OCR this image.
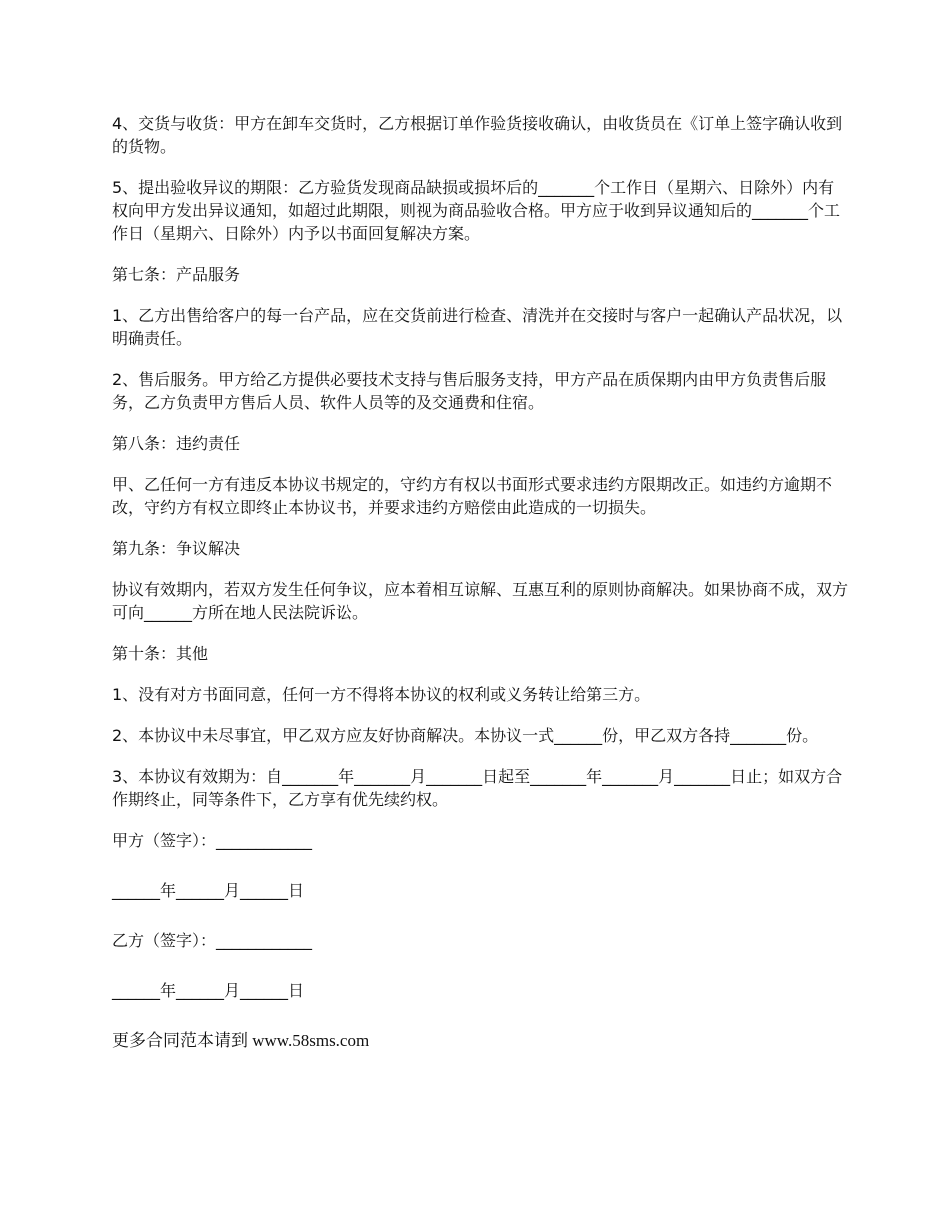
4、交货与收货：甲方在卸车交货时，乙方根据订单作验货接收确认，由收货员在《订单上签字确认收到的货物。

5、提出验收异议的期限：乙方验货发现商品缺损或损坏后的_______个工作日（星期六、日除外）内有权向甲方发出异议通知，如超过此期限，则视为商品验收合格。甲方应于收到异议通知后的_______个工作日（星期六、日除外）内予以书面回复解决方案。

第七条：产品服务

1、乙方出售给客户的每一台产品，应在交货前进行检查、清洗并在交接时与客户一起确认产品状况，以明确责任。

2、售后服务。甲方给乙方提供必要技术支持与售后服务支持，甲方产品在质保期内由甲方负责售后服务，乙方负责甲方售后人员、软件人员等的及交通费和住宿。

第八条：违约责任

甲、乙任何一方有违反本协议书规定的，守约方有权以书面形式要求违约方限期改正。如违约方逾期不改，守约方有权立即终止本协议书，并要求违约方赔偿由此造成的一切损失。

第九条：争议解决

协议有效期内，若双方发生任何争议，应本着相互谅解、互惠互利的原则协商解决。如果协商不成，双方可向______方所在地人民法院诉讼。

第十条：其他

1、没有对方书面同意，任何一方不得将本协议的权利或义务转让给第三方。

2、本协议中未尽事宜，甲乙双方应友好协商解决。本协议一式______份，甲乙双方各持_______份。

3、本协议有效期为：自_______年_______月_______日起至_______年_______月_______日止；如双方合作期终止，同等条件下，乙方享有优先续约权。

甲方（签字）：____________

______年______月______日

乙方（签字）：____________

______年______月______日

更多合同范本请到 www.58sms.com
